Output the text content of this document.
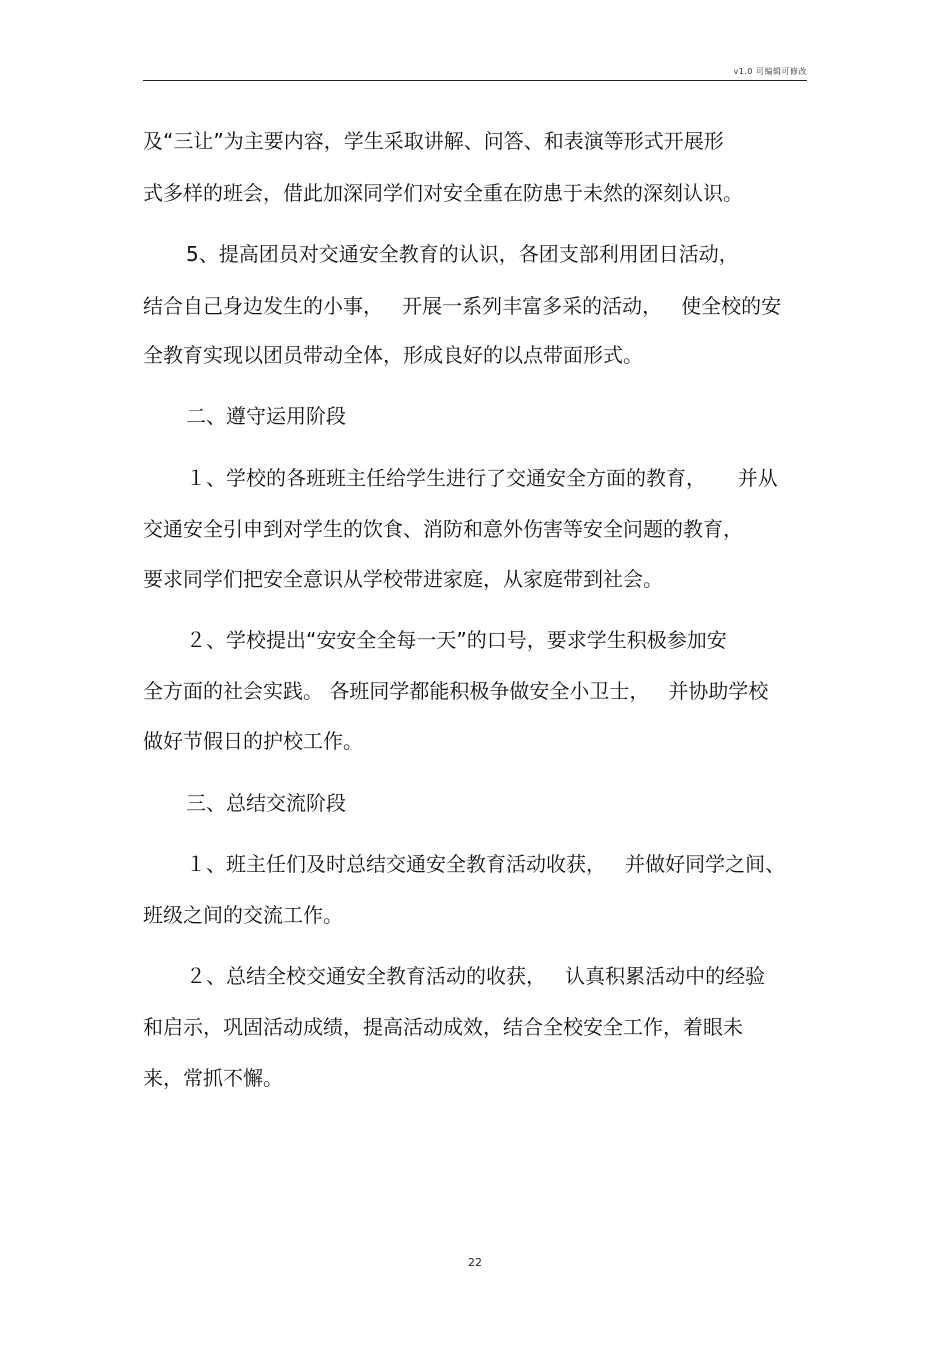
v1.0 可编辑可修改
及“三让”为主要内容，学生采取讲解、问答、和表演等形式开展形
式多样的班会，借此加深同学们对安全重在防患于未然的深刻认识。
5、提高团员对交通安全教育的认识，各团支部利用团日活动，
结合自己身边发生的小事，   开展一系列丰富多采的活动，   使全校的安
全教育实现以团员带动全体，形成良好的以点带面形式。
二、遵守运用阶段
１、学校的各班班主任给学生进行了交通安全方面的教育，     并从
交通安全引申到对学生的饮食、消防和意外伤害等安全问题的教育，
要求同学们把安全意识从学校带进家庭，从家庭带到社会。
２、学校提出“安安全全每一天”的口号，要求学生积极参加安
全方面的社会实践。 各班同学都能积极争做安全小卫士，   并协助学校
做好节假日的护校工作。
三、总结交流阶段
１、班主任们及时总结交通安全教育活动收获，   并做好同学之间、
班级之间的交流工作。
２、总结全校交通安全教育活动的收获，   认真积累活动中的经验
和启示，巩固活动成绩，提高活动成效，结合全校安全工作，着眼未
来，常抓不懈。
22
